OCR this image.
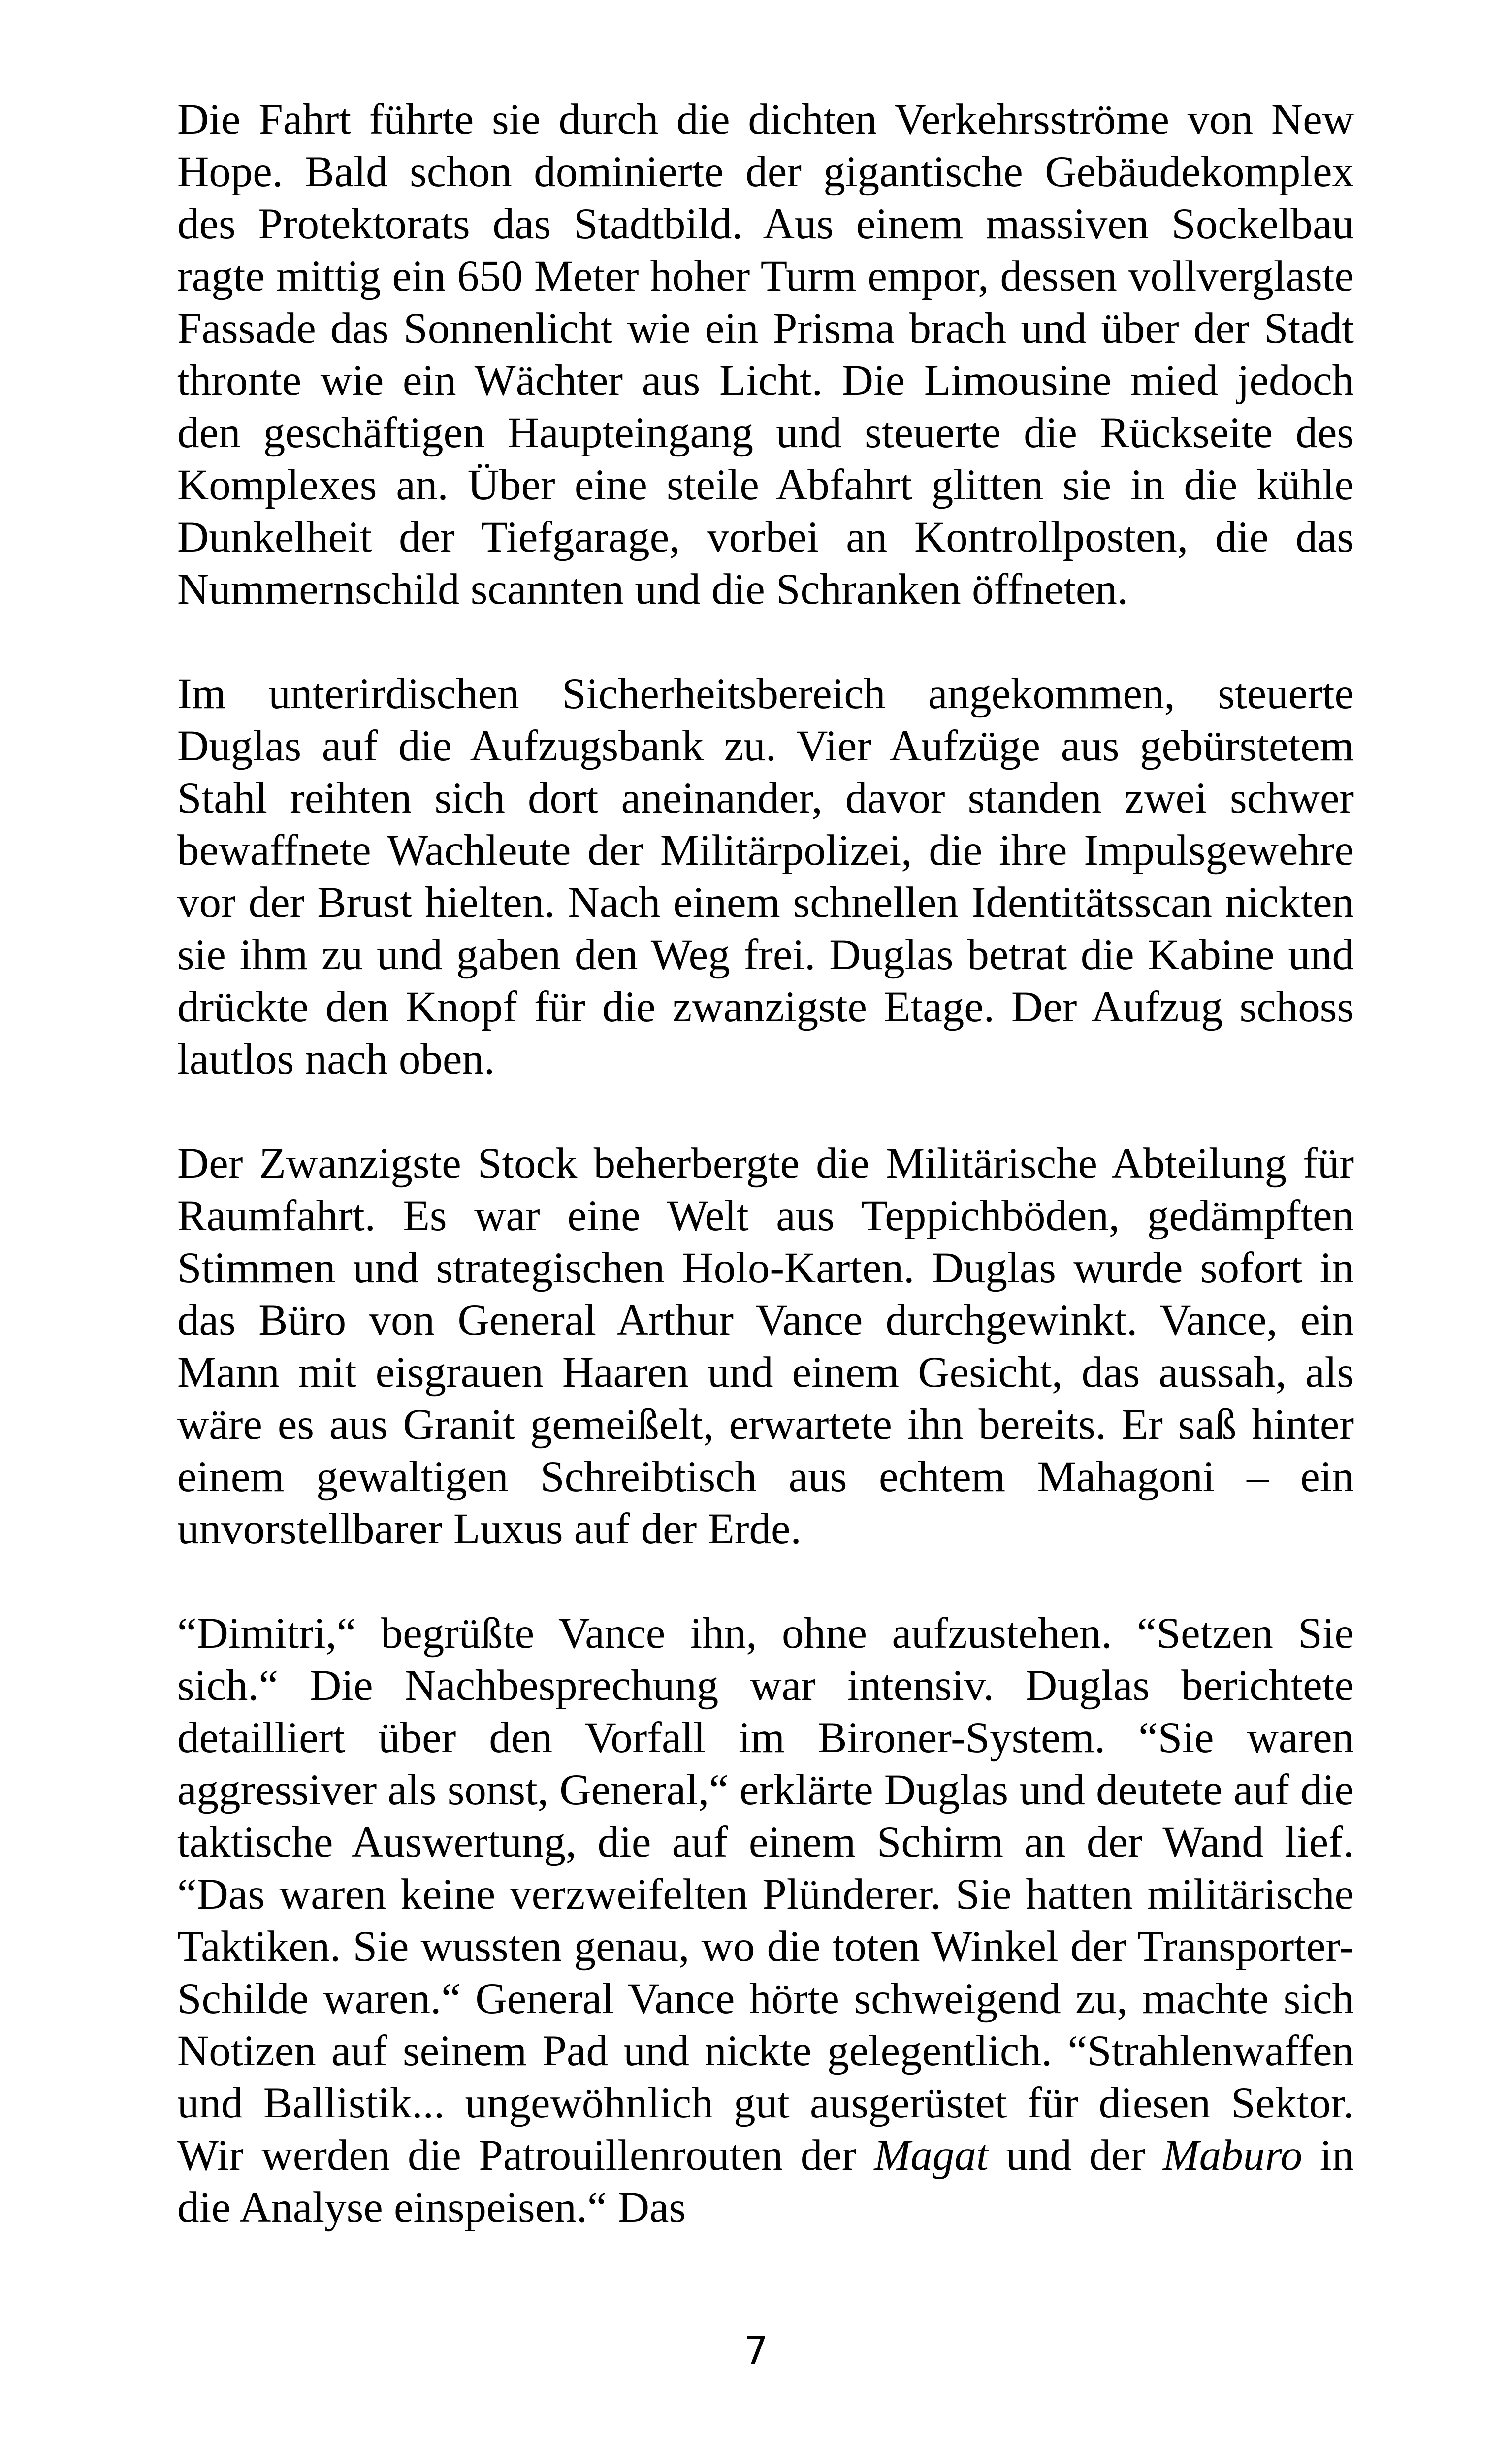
Die Fahrt führte sie durch die dichten Verkehrsströme von New Hope. Bald schon dominierte der gigantische Gebäudekomplex des Protektorats das Stadtbild. Aus einem massiven Sockelbau ragte mittig ein 650 Meter hoher Turm empor, dessen vollverglaste Fassade das Sonnenlicht wie ein Prisma brach und über der Stadt thronte wie ein Wächter aus Licht. Die Limousine mied jedoch den geschäftigen Haupteingang und steuerte die Rückseite des Komplexes an. Über eine steile Abfahrt glitten sie in die kühle Dunkelheit der Tiefgarage, vorbei an Kontrollposten, die das Nummernschild scannten und die Schranken öffneten.

Im unterirdischen Sicherheitsbereich angekommen, steuerte Duglas auf die Aufzugsbank zu. Vier Aufzüge aus gebürstetem Stahl reihten sich dort aneinander, davor standen zwei schwer bewaffnete Wachleute der Militärpolizei, die ihre Impulsgewehre vor der Brust hielten. Nach einem schnellen Identitätsscan nickten sie ihm zu und gaben den Weg frei. Duglas betrat die Kabine und drückte den Knopf für die zwanzigste Etage. Der Aufzug schoss lautlos nach oben.

Der Zwanzigste Stock beherbergte die Militärische Abteilung für Raumfahrt. Es war eine Welt aus Teppichböden, gedämpften Stimmen und strategischen Holo-Karten. Duglas wurde sofort in das Büro von General Arthur Vance durchgewinkt. Vance, ein Mann mit eisgrauen Haaren und einem Gesicht, das aussah, als wäre es aus Granit gemeißelt, erwartete ihn bereits. Er saß hinter einem gewaltigen Schreibtisch aus echtem Mahagoni – ein unvorstellbarer Luxus auf der Erde.

“Dimitri,“ begrüßte Vance ihn, ohne aufzustehen. “Setzen Sie sich.“ Die Nachbesprechung war intensiv. Duglas berichtete detailliert über den Vorfall im Bironer-System. “Sie waren aggressiver als sonst, General,“ erklärte Duglas und deutete auf die taktische Auswertung, die auf einem Schirm an der Wand lief. “Das waren keine verzweifelten Plünderer. Sie hatten militärische Taktiken. Sie wussten genau, wo die toten Winkel der Transporter-Schilde waren.“ General Vance hörte schweigend zu, machte sich Notizen auf seinem Pad und nickte gelegentlich. “Strahlenwaffen und Ballistik... ungewöhnlich gut ausgerüstet für diesen Sektor. Wir werden die Patrouillenrouten der Magat und der Maburo in die Analyse einspeisen.“ Das

7
